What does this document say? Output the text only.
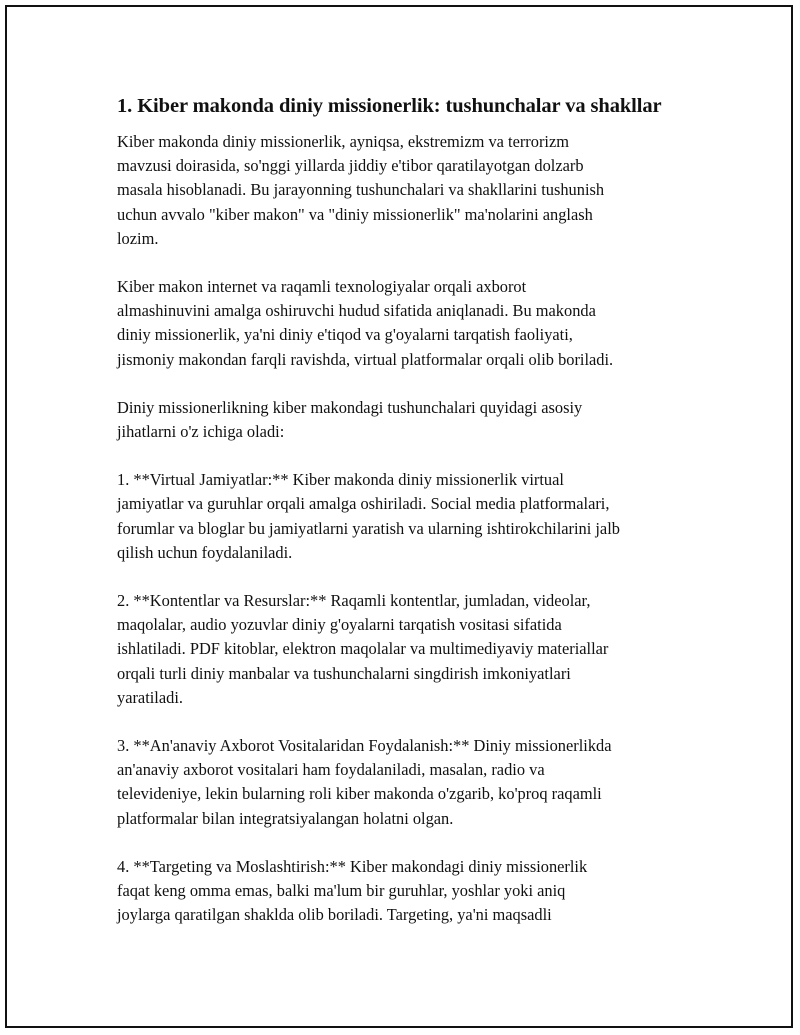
1. Kiber makonda diniy missionerlik: tushunchalar va shakllar

Kiber makonda diniy missionerlik, ayniqsa, ekstremizm va terrorizm
mavzusi doirasida, so'nggi yillarda jiddiy e'tibor qaratilayotgan dolzarb
masala hisoblanadi. Bu jarayonning tushunchalari va shakllarini tushunish
uchun avvalo "kiber makon" va "diniy missionerlik" ma'nolarini anglash
lozim.

Kiber makon internet va raqamli texnologiyalar orqali axborot
almashinuvini amalga oshiruvchi hudud sifatida aniqlanadi. Bu makonda
diniy missionerlik, ya'ni diniy e'tiqod va g'oyalarni tarqatish faoliyati,
jismoniy makondan farqli ravishda, virtual platformalar orqali olib boriladi.

Diniy missionerlikning kiber makondagi tushunchalari quyidagi asosiy
jihatlarni o'z ichiga oladi:

1. **Virtual Jamiyatlar:** Kiber makonda diniy missionerlik virtual
jamiyatlar va guruhlar orqali amalga oshiriladi. Social media platformalari,
forumlar va bloglar bu jamiyatlarni yaratish va ularning ishtirokchilarini jalb
qilish uchun foydalaniladi.

2. **Kontentlar va Resurslar:** Raqamli kontentlar, jumladan, videolar,
maqolalar, audio yozuvlar diniy g'oyalarni tarqatish vositasi sifatida
ishlatiladi. PDF kitoblar, elektron maqolalar va multimediyaviy materiallar
orqali turli diniy manbalar va tushunchalarni singdirish imkoniyatlari
yaratiladi.

3. **An'anaviy Axborot Vositalaridan Foydalanish:** Diniy missionerlikda
an'anaviy axborot vositalari ham foydalaniladi, masalan, radio va
televideniye, lekin bularning roli kiber makonda o'zgarib, ko'proq raqamli
platformalar bilan integratsiyalangan holatni olgan.

4. **Targeting va Moslashtirish:** Kiber makondagi diniy missionerlik
faqat keng omma emas, balki ma'lum bir guruhlar, yoshlar yoki aniq
joylarga qaratilgan shaklda olib boriladi. Targeting, ya'ni maqsadli
